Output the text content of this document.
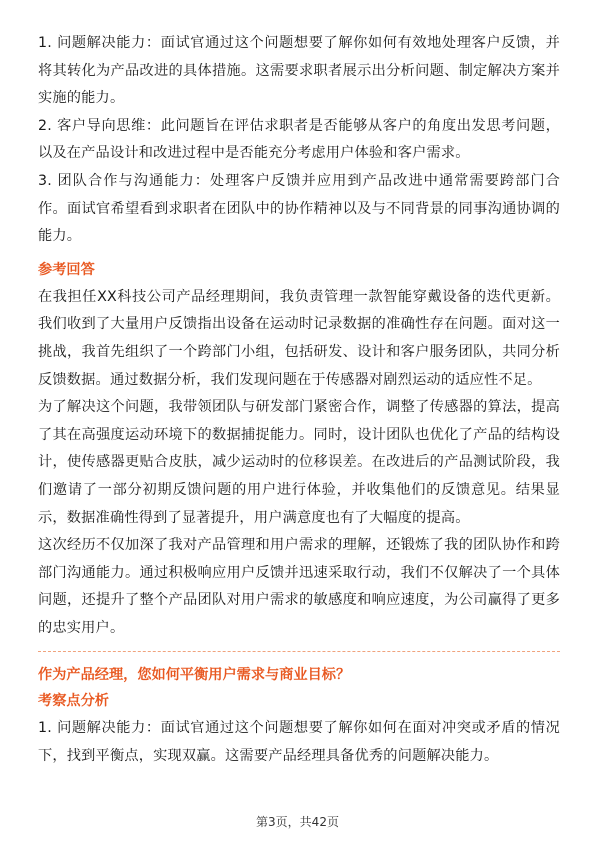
1. 问题解决能力：面试官通过这个问题想要了解你如何有效地处理客户反馈，并将其转化为产品改进的具体措施。这需要求职者展示出分析问题、制定解决方案并实施的能力。

2. 客户导向思维：此问题旨在评估求职者是否能够从客户的角度出发思考问题，以及在产品设计和改进过程中是否能充分考虑用户体验和客户需求。

3. 团队合作与沟通能力：处理客户反馈并应用到产品改进中通常需要跨部门合作。面试官希望看到求职者在团队中的协作精神以及与不同背景的同事沟通协调的能力。

参考回答

在我担任XX科技公司产品经理期间，我负责管理一款智能穿戴设备的迭代更新。我们收到了大量用户反馈指出设备在运动时记录数据的准确性存在问题。面对这一挑战，我首先组织了一个跨部门小组，包括研发、设计和客户服务团队，共同分析反馈数据。通过数据分析，我们发现问题在于传感器对剧烈运动的适应性不足。

为了解决这个问题，我带领团队与研发部门紧密合作，调整了传感器的算法，提高了其在高强度运动环境下的数据捕捉能力。同时，设计团队也优化了产品的结构设计，使传感器更贴合皮肤，减少运动时的位移误差。在改进后的产品测试阶段，我们邀请了一部分初期反馈问题的用户进行体验，并收集他们的反馈意见。结果显示，数据准确性得到了显著提升，用户满意度也有了大幅度的提高。

这次经历不仅加深了我对产品管理和用户需求的理解，还锻炼了我的团队协作和跨部门沟通能力。通过积极响应用户反馈并迅速采取行动，我们不仅解决了一个具体问题，还提升了整个产品团队对用户需求的敏感度和响应速度，为公司赢得了更多的忠实用户。

作为产品经理，您如何平衡用户需求与商业目标？
考察点分析

1. 问题解决能力：面试官通过这个问题想要了解你如何在面对冲突或矛盾的情况下，找到平衡点，实现双赢。这需要产品经理具备优秀的问题解决能力。

第3页，共42页
